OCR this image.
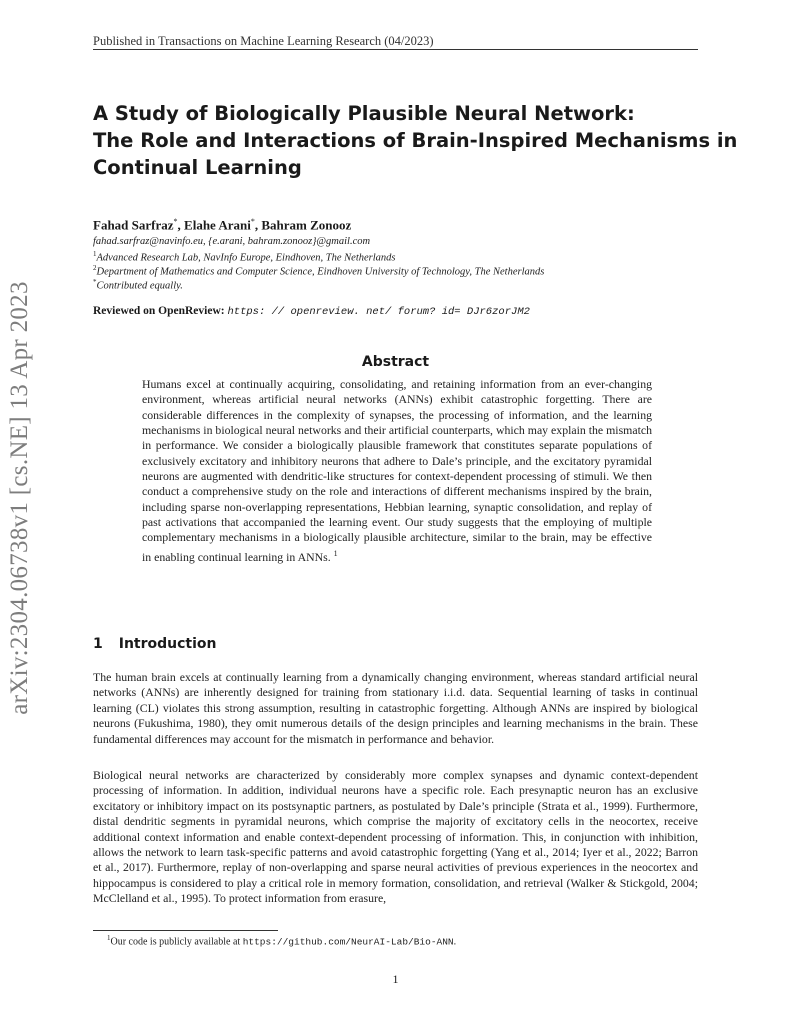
Published in Transactions on Machine Learning Research (04/2023)
arXiv:2304.06738v1 [cs.NE] 13 Apr 2023
A Study of Biologically Plausible Neural Network:
The Role and Interactions of Brain-Inspired Mechanisms in
Continual Learning
Fahad Sarfraz*, Elahe Arani*, Bahram Zonooz
fahad.sarfraz@navinfo.eu, {e.arani, bahram.zonooz}@gmail.com
$^1$Advanced Research Lab, NavInfo Europe, Eindhoven, The Netherlands
$^2$Department of Mathematics and Computer Science, Eindhoven University of Technology, The Netherlands
*Contributed equally.
Reviewed on OpenReview: https: // openreview. net/ forum? id= DJr6zorJM2
Abstract
Humans excel at continually acquiring, consolidating, and retaining information from an ever-changing environment, whereas artificial neural networks (ANNs) exhibit catastrophic forgetting. There are considerable differences in the complexity of synapses, the processing of information, and the learning mechanisms in biological neural networks and their artificial counterparts, which may explain the mismatch in performance. We consider a biologically plausible framework that constitutes separate populations of exclusively excitatory and inhibitory neurons that adhere to Dale’s principle, and the excitatory pyramidal neurons are augmented with dendritic-like structures for context-dependent processing of stimuli. We then conduct a comprehensive study on the role and interactions of different mechanisms inspired by the brain, including sparse non-overlapping representations, Hebbian learning, synaptic consolidation, and replay of past activations that accompanied the learning event. Our study suggests that the employing of multiple complementary mechanisms in a biologically plausible architecture, similar to the brain, may be effective in enabling continual learning in ANNs. $^1$
1 Introduction
The human brain excels at continually learning from a dynamically changing environment, whereas standard artificial neural networks (ANNs) are inherently designed for training from stationary i.i.d. data. Sequential learning of tasks in continual learning (CL) violates this strong assumption, resulting in catastrophic forgetting. Although ANNs are inspired by biological neurons (Fukushima, 1980), they omit numerous details of the design principles and learning mechanisms in the brain. These fundamental differences may account for the mismatch in performance and behavior.
Biological neural networks are characterized by considerably more complex synapses and dynamic context-dependent processing of information. In addition, individual neurons have a specific role. Each presynaptic neuron has an exclusive excitatory or inhibitory impact on its postsynaptic partners, as postulated by Dale’s principle (Strata et al., 1999). Furthermore, distal dendritic segments in pyramidal neurons, which comprise the majority of excitatory cells in the neocortex, receive additional context information and enable context-dependent processing of information. This, in conjunction with inhibition, allows the network to learn task-specific patterns and avoid catastrophic forgetting (Yang et al., 2014; Iyer et al., 2022; Barron et al., 2017). Furthermore, replay of non-overlapping and sparse neural activities of previous experiences in the neocortex and hippocampus is considered to play a critical role in memory formation, consolidation, and retrieval (Walker & Stickgold, 2004; McClelland et al., 1995). To protect information from erasure,
$^1$Our code is publicly available at https://github.com/NeurAI-Lab/Bio-ANN.
1
